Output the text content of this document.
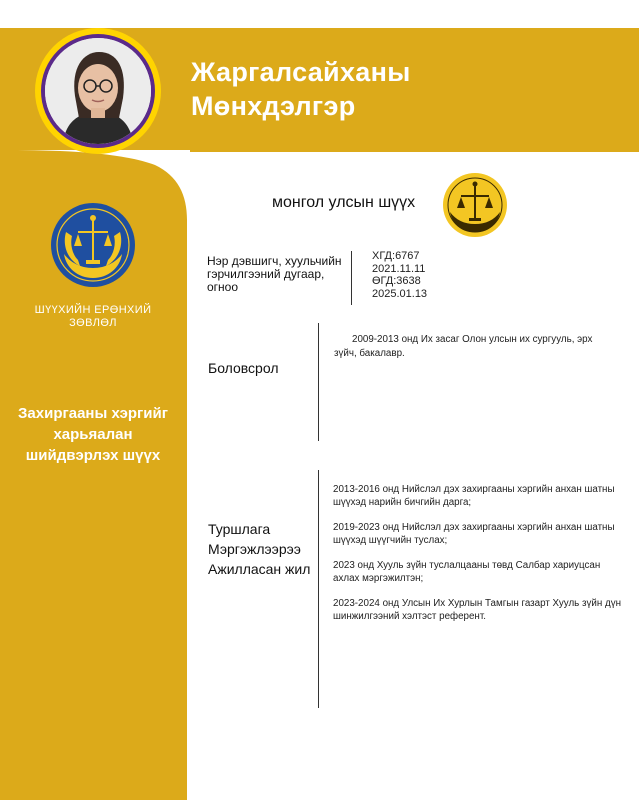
Жаргалсайханы
Мөнхдэлгэр
ШҮҮХИЙН ЕРӨНХИЙ ЗӨВЛӨЛ
Захиргааны хэргийг харьяалан шийдвэрлэх шүүх
монгол улсын шүүх
Нэр дэвшигч, хуульчийн гэрчилгээний дугаар, огноо
ХГД:6767
2021.11.11
ӨГД:3638
2025.01.13
Боловсрол
2009-2013 онд Их засаг Олон улсын их сургууль, эрх зүйч, бакалавр.
Туршлага
Мэргэжлээрээ
Ажилласан жил
2013-2016 онд Нийслэл дэх захиргааны хэргийн анхан шатны шүүхэд нарийн бичгийн дарга;
2019-2023 онд Нийслэл дэх захиргааны хэргийн анхан шатны шүүхэд шүүгчийн туслах;
2023 онд Хууль зүйн туслалцааны төвд Салбар хариуцсан ахлах мэргэжилтэн;
2023-2024 онд Улсын Их Хурлын Тамгын газарт Хууль зүйн дүн шинжилгээний хэлтэст референт.
